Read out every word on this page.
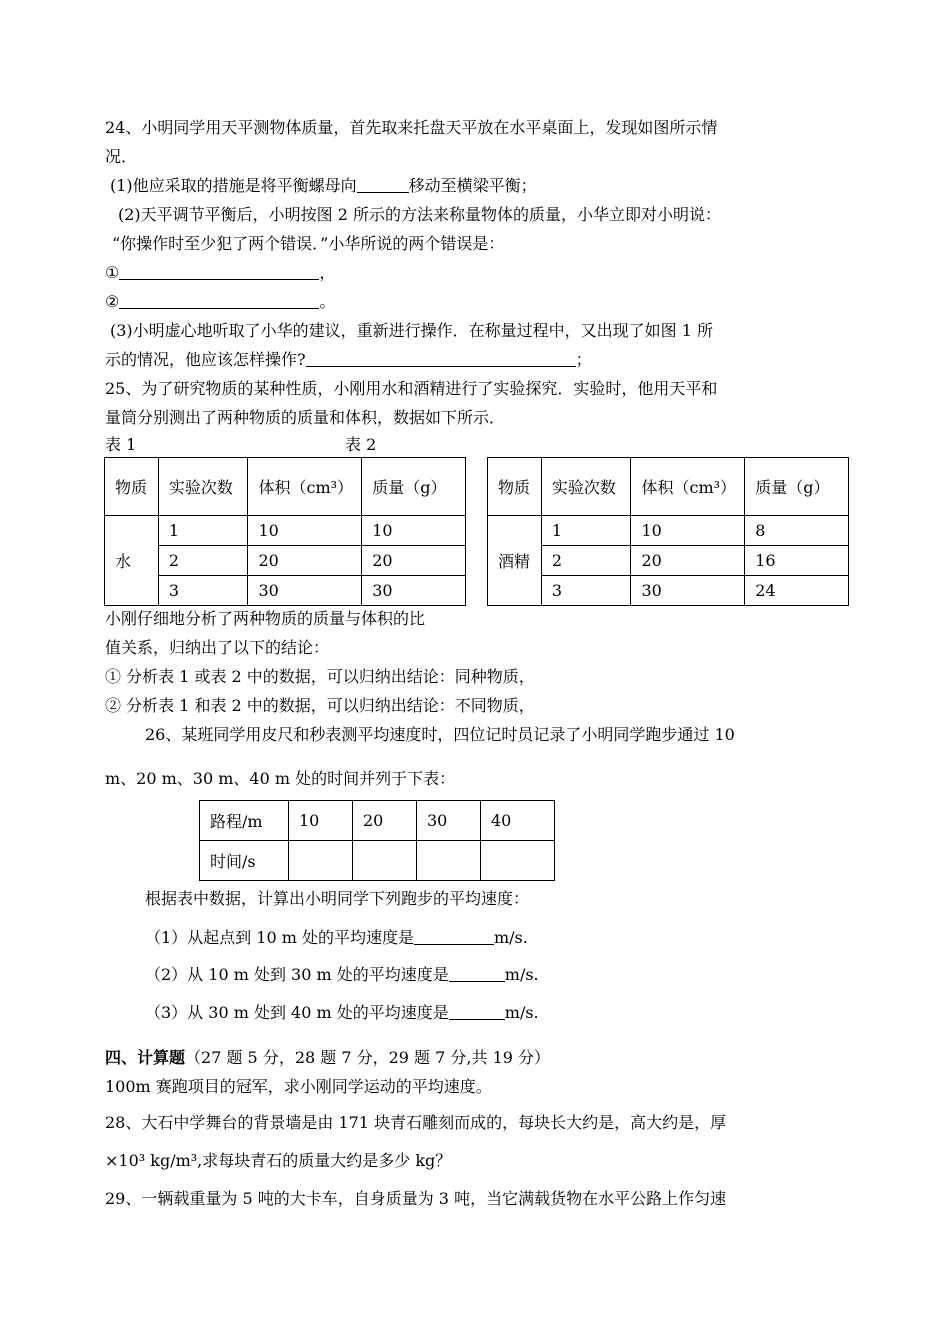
24、小明同学用天平测物体质量，首先取来托盘天平放在水平桌面上，发现如图所示情
况．
(1)他应采取的措施是将平衡螺母向	移动至横梁平衡；
(2)天平调节平衡后，小明按图 2 所示的方法来称量物体的质量，小华立即对小明说：
“你操作时至少犯了两个错误．”小华所说的两个错误是：
①	，
②	。
(3)小明虚心地听取了小华的建议，重新进行操作．在称量过程中，又出现了如图 1 所
示的情况，他应该怎样操作?	；
25、为了研究物质的某种性质，小刚用水和酒精进行了实验探究．实验时，他用天平和
量筒分别测出了两种物质的质量和体积，数据如下所示．
表 1	表 2
物质	实验次数	体积（cm³）	质量（g）
水	1	10	10
	2	20	20
	3	30	30
物质	实验次数	体积（cm³）	质量（g）
酒精	1	10	8
	2	20	16
	3	30	24
小刚仔细地分析了两种物质的质量与体积的比
值关系，归纳出了以下的结论：
① 分析表 1 或表 2 中的数据，可以归纳出结论：同种物质，
② 分析表 1 和表 2 中的数据，可以归纳出结论：不同物质，
26、某班同学用皮尺和秒表测平均速度时，四位记时员记录了小明同学跑步通过 10
m、20 m、30 m、40 m 处的时间并列于下表：
路程/m	10	20	30	40
时间/s				
根据表中数据，计算出小明同学下列跑步的平均速度：
（1）从起点到 10 m 处的平均速度是	m/s.
（2）从 10 m 处到 30 m 处的平均速度是	m/s.
（3）从 30 m 处到 40 m 处的平均速度是	m/s.
四、计算题（27 题 5 分，28 题 7 分，29 题 7 分,共 19 分）
100m 赛跑项目的冠军，求小刚同学运动的平均速度。
28、大石中学舞台的背景墙是由 171 块青石雕刻而成的，每块长大约是，高大约是，厚
×10³ kg/m³,求每块青石的质量大约是多少 kg？
29、一辆载重量为 5 吨的大卡车，自身质量为 3 吨，当它满载货物在水平公路上作匀速
